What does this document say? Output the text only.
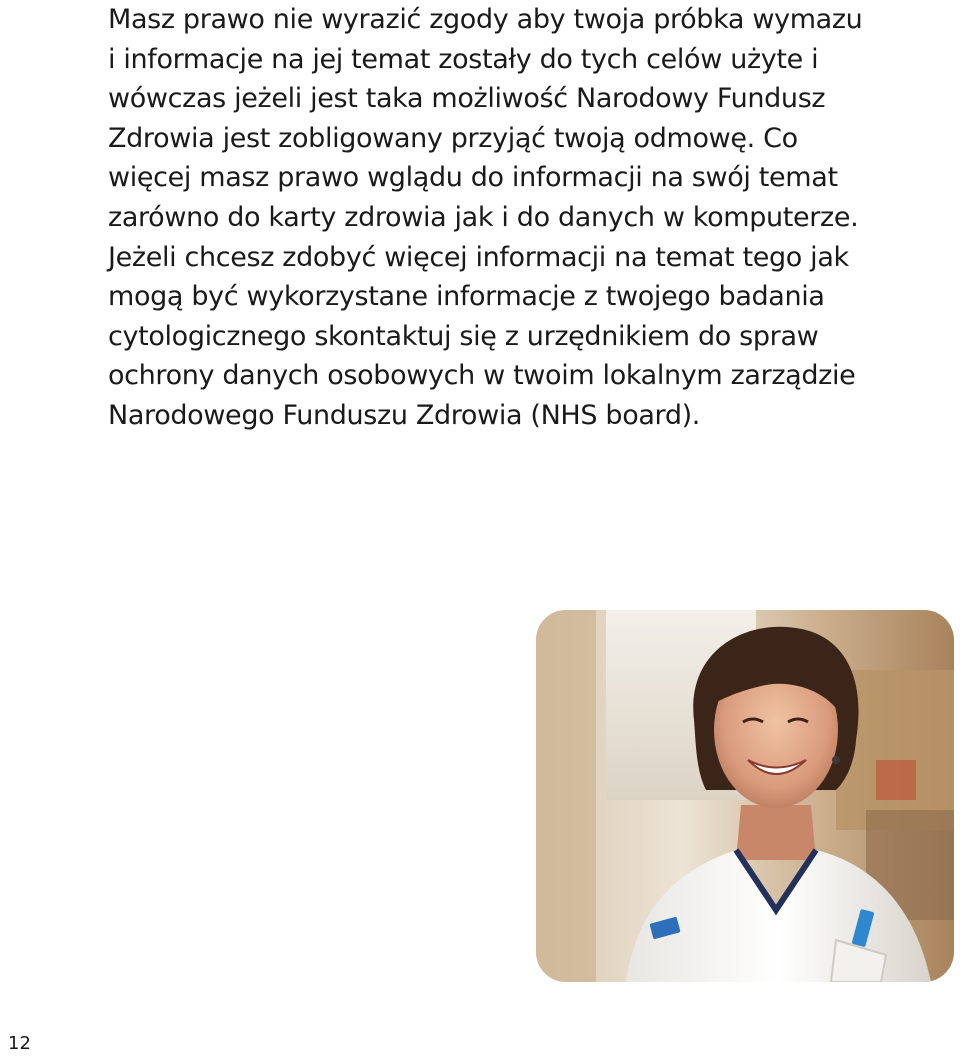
Masz prawo nie wyrazić zgody aby twoja próbka wymazu
i informacje na jej temat zostały do tych celów użyte i
wówczas jeżeli jest taka możliwość Narodowy Fundusz
Zdrowia jest zobligowany przyjąć twoją odmowę. Co
więcej masz prawo wglądu do informacji na swój temat
zarówno do karty zdrowia jak i do danych w komputerze.
Jeżeli chcesz zdobyć więcej informacji na temat tego jak
mogą być wykorzystane informacje z twojego badania
cytologicznego skontaktuj się z urzędnikiem do spraw
ochrony danych osobowych w twoim lokalnym zarządzie
Narodowego Funduszu Zdrowia (NHS board).
12
